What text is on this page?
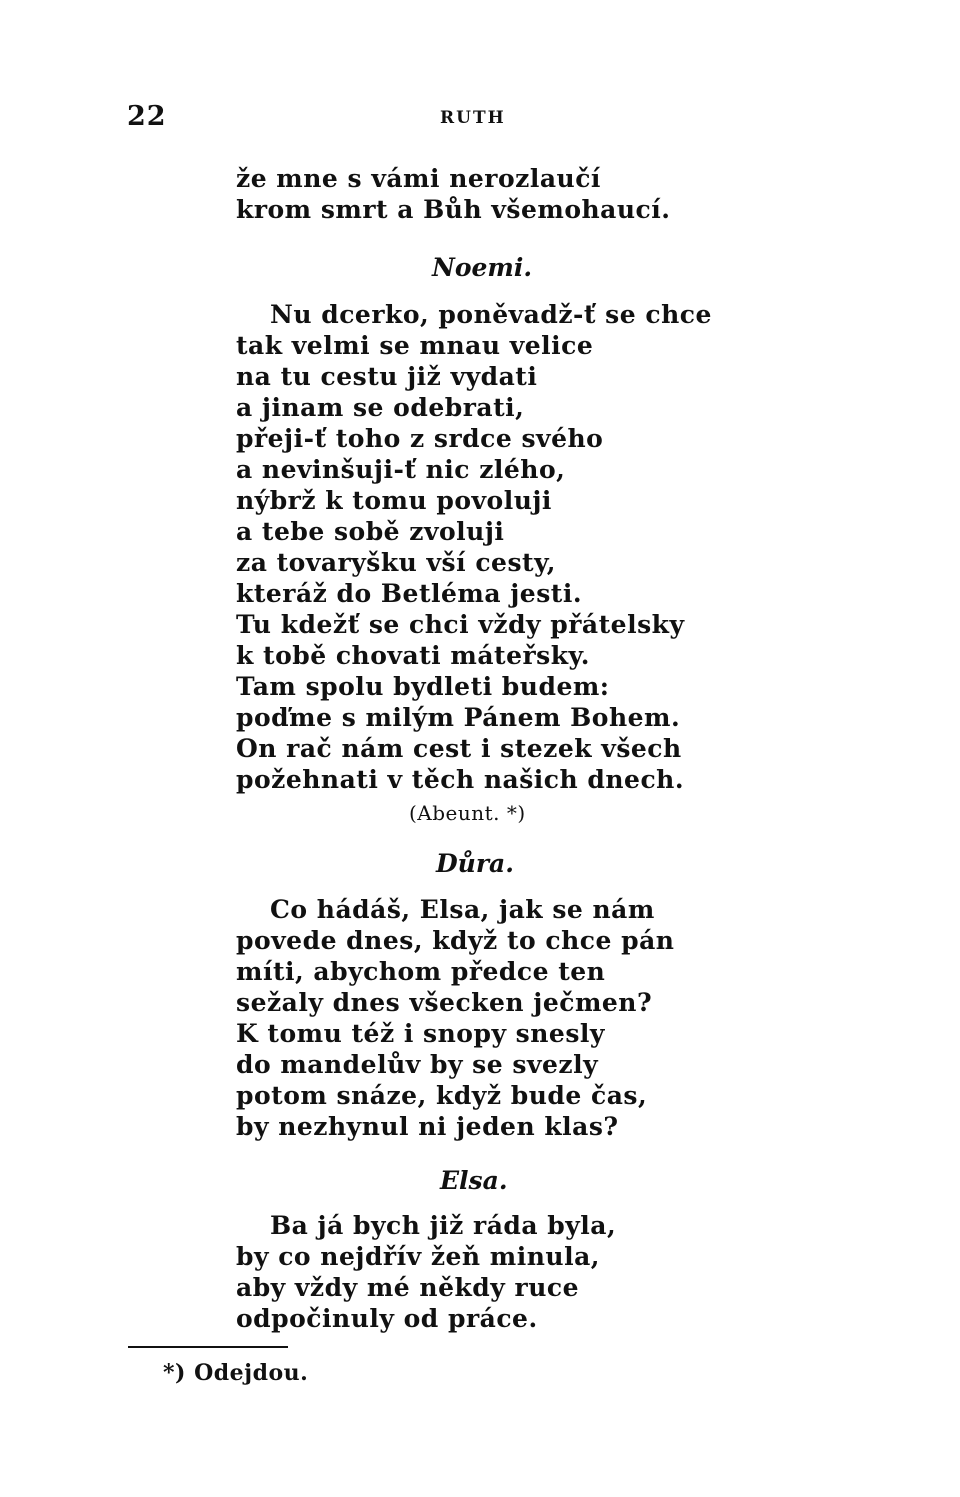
22	RUTH
že mne s vámi nerozlaučí
krom smrt a Bůh všemohaucí.
Noemi.
Nu dcerko, poněvadž-ť se chce
tak velmi se mnau velice
na tu cestu již vydati
a jinam se odebrati,
přeji-ť toho z srdce svého
a nevinšuji-ť nic zlého,
nýbrž k tomu povoluji
a tebe sobě zvoluji
za tovaryšku vší cesty,
kteráž do Betléma jesti.
Tu kdežť se chci vždy přátelsky
k tobě chovati máteřsky.
Tam spolu bydleti budem:
poďme s milým Pánem Bohem.
On rač nám cest i stezek všech
požehnati v těch našich dnech.
(Abeunt. *)
Důra.
Co hádáš, Elsa, jak se nám
povede dnes, když to chce pán
míti, abychom předce ten
sežaly dnes všecken ječmen?
K tomu též i snopy snesly
do mandelův by se svezly
potom snáze, když bude čas,
by nezhynul ni jeden klas?
Elsa.
Ba já bych již ráda byla,
by co nejdřív žeň minula,
aby vždy mé někdy ruce
odpočinuly od práce.
*) Odejdou.
